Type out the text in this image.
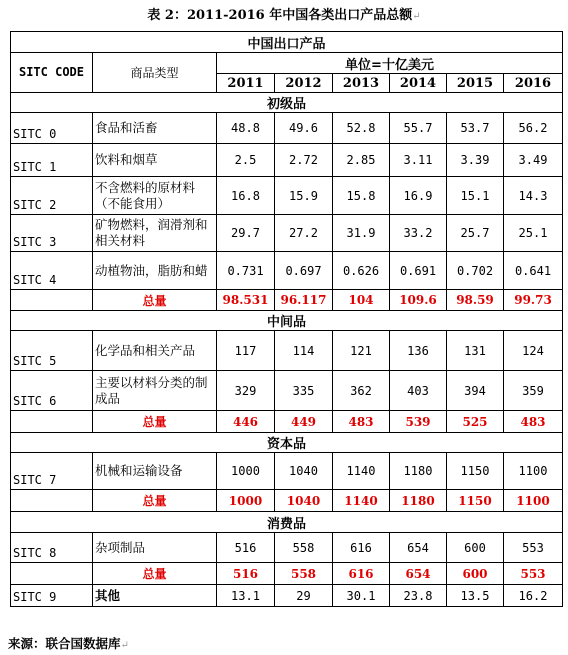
表 2：2011-2016 年中国各类出口产品总额↵
中国出口产品							
SITC CODE	商品类型	单位=十亿美元					
		2011	2012	2013	2014	2015	2016
初级品							
SITC 0	食品和活畜	48.8	49.6	52.8	55.7	53.7	56.2
SITC 1	饮料和烟草	2.5	2.72	2.85	3.11	3.39	3.49
SITC 2	不含燃料的原材料（不能食用）	16.8	15.9	15.8	16.9	15.1	14.3
SITC 3	矿物燃料，润滑剂和相关材料	29.7	27.2	31.9	33.2	25.7	25.1
SITC 4	动植物油，脂肪和蜡	0.731	0.697	0.626	0.691	0.702	0.641
	总量	98.531	96.117	104	109.6	98.59	99.73
中间品							
SITC 5	化学品和相关产品	117	114	121	136	131	124
SITC 6	主要以材料分类的制成品	329	335	362	403	394	359
	总量	446	449	483	539	525	483
资本品							
SITC 7	机械和运输设备	1000	1040	1140	1180	1150	1100
	总量	1000	1040	1140	1180	1150	1100
消费品							
SITC 8	杂项制品	516	558	616	654	600	553
	总量	516	558	616	654	600	553
SITC 9	其他	13.1	29	30.1	23.8	13.5	16.2
来源：联合国数据库↵
